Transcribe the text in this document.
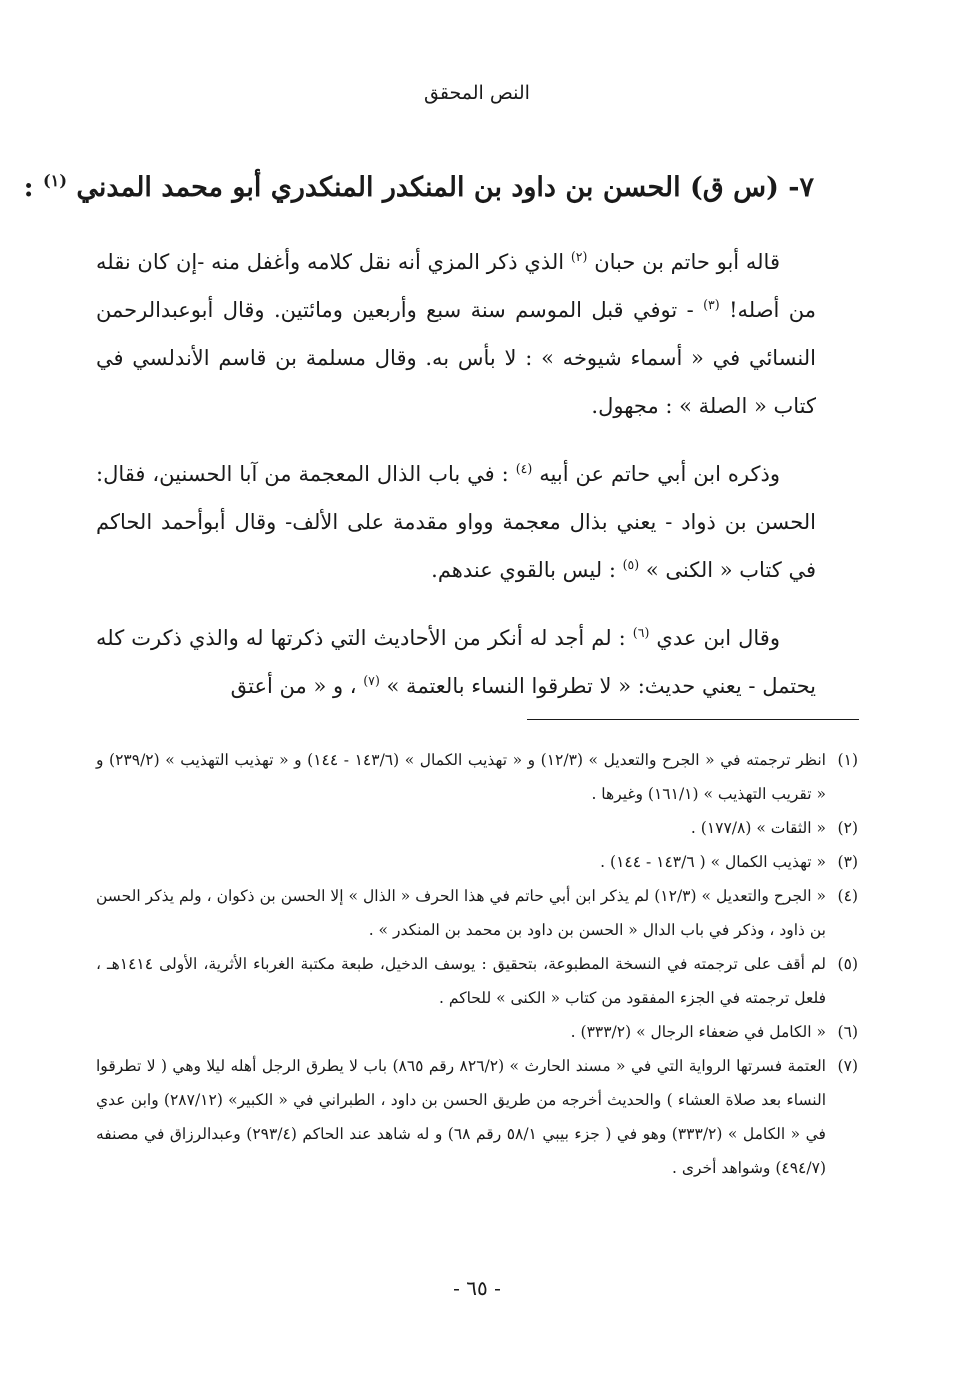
النص المحقق
٧- (س ق) الحسن بن داود بن المنكدر المنكدري أبو محمد المدني $^{(١)}$ :

قاله أبو حاتم بن حبان $^{(٢)}$ الذي ذكر المزي أنه نقل كلامه وأغفل منه -إن كان نقله من أصله! $^{(٣)}$ - توفي قبل الموسم سنة سبع وأربعين ومائتين. وقال أبوعبدالرحمن النسائي في « أسماء شيوخه » : لا بأس به. وقال مسلمة بن قاسم الأندلسي في كتاب « الصلة » : مجهول.

وذكره ابن أبي حاتم عن أبيه $^{(٤)}$ : في باب الذال المعجمة من آبا الحسنين، فقال: الحسن بن ذواد - يعني بذال معجمة وواو مقدمة على الألف- وقال أبوأحمد الحاكم في كتاب « الكنى » $^{(٥)}$ : ليس بالقوي عندهم.

وقال ابن عدي $^{(٦)}$ : لم أجد له أنكر من الأحاديث التي ذكرتها له والذي ذكرت كله يحتمل - يعني حديث: « لا تطرقوا النساء بالعتمة » $^{(٧)}$ ، و « من أعتق

(١)
انظر ترجمته في « الجرح والتعديل » (١٢/٣) و « تهذيب الكمال » (١٤٣/٦ - ١٤٤) و « تهذيب التهذيب » (٢٣٩/٢) و « تقريب التهذيب » (١٦١/١) وغيرها .
(٢)
« الثقات » (١٧٧/٨) .
(٣)
« تهذيب الكمال » ( ١٤٣/٦ - ١٤٤) .
(٤)
« الجرح والتعديل » (١٢/٣) لم يذكر ابن أبي حاتم في هذا الحرف « الذال » إلا الحسن بن ذكوان ، ولم يذكر الحسن بن ذاود ، وذكر في باب الدال « الحسن بن داود بن محمد بن المنكدر » .
(٥)
لم أقف على ترجمته في النسخة المطبوعة، بتحقيق : يوسف الدخيل، طبعة مكتبة الغرباء الأثرية، الأولى ١٤١٤هـ ، فلعل ترجمته في الجزء المفقود من كتاب « الكنى » للحاكم .
(٦)
« الكامل في ضعفاء الرجال » (٣٣٣/٢) .
(٧)
العتمة فسرتها الرواية التي في « مسند الحارث » (٨٢٦/٢ رقم ٨٦٥) باب لا يطرق الرجل أهله ليلا وهي ( لا تطرقوا النساء بعد صلاة العشاء ) والحديث أخرجه من طريق الحسن بن داود ، الطبراني في « الكبير» (٢٨٧/١٢) وابن عدي في « الكامل » (٣٣٣/٢) وهو في ( جزء بيبي ٥٨/١ رقم ٦٨) و له شاهد عند الحاكم (٢٩٣/٤) وعبدالرزاق في مصنفه (٤٩٤/٧) وشواهد أخرى .
- ٦٥ -
